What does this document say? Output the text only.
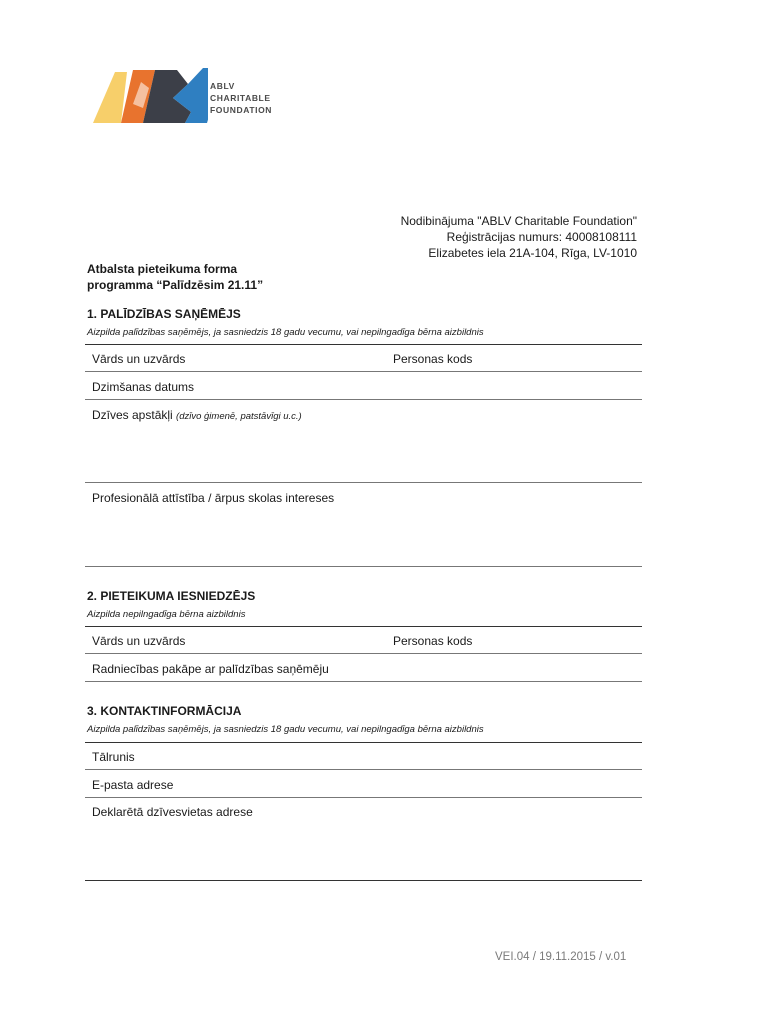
ABLV
CHARITABLE
FOUNDATION
Nodibinājuma "ABLV Charitable Foundation"
Reģistrācijas numurs: 40008108111
Elizabetes iela 21A-104, Rīga, LV-1010
Atbalsta pieteikuma forma
programma “Palīdzēsim 21.11”
1. PALĪDZĪBAS SAŅĒMĒJS
Aizpilda palīdzības saņēmējs, ja sasniedzis 18 gadu vecumu, vai nepilngadīga bērna aizbildnis
Vārds un uzvārds	Personas kods
Dzimšanas datums
Dzīves apstākļi (dzīvo ģimenē, patstāvīgi u.c.)
Profesionālā attīstība / ārpus skolas intereses
2. PIETEIKUMA IESNIEDZĒJS
Aizpilda nepilngadīga bērna aizbildnis
Vārds un uzvārds	Personas kods
Radniecības pakāpe ar palīdzības saņēmēju
3. KONTAKTINFORMĀCIJA
Aizpilda palīdzības saņēmējs, ja sasniedzis 18 gadu vecumu, vai nepilngadīga bērna aizbildnis
Tālrunis
E-pasta adrese
Deklarētā dzīvesvietas adrese
VEI.04 / 19.11.2015 / v.01
